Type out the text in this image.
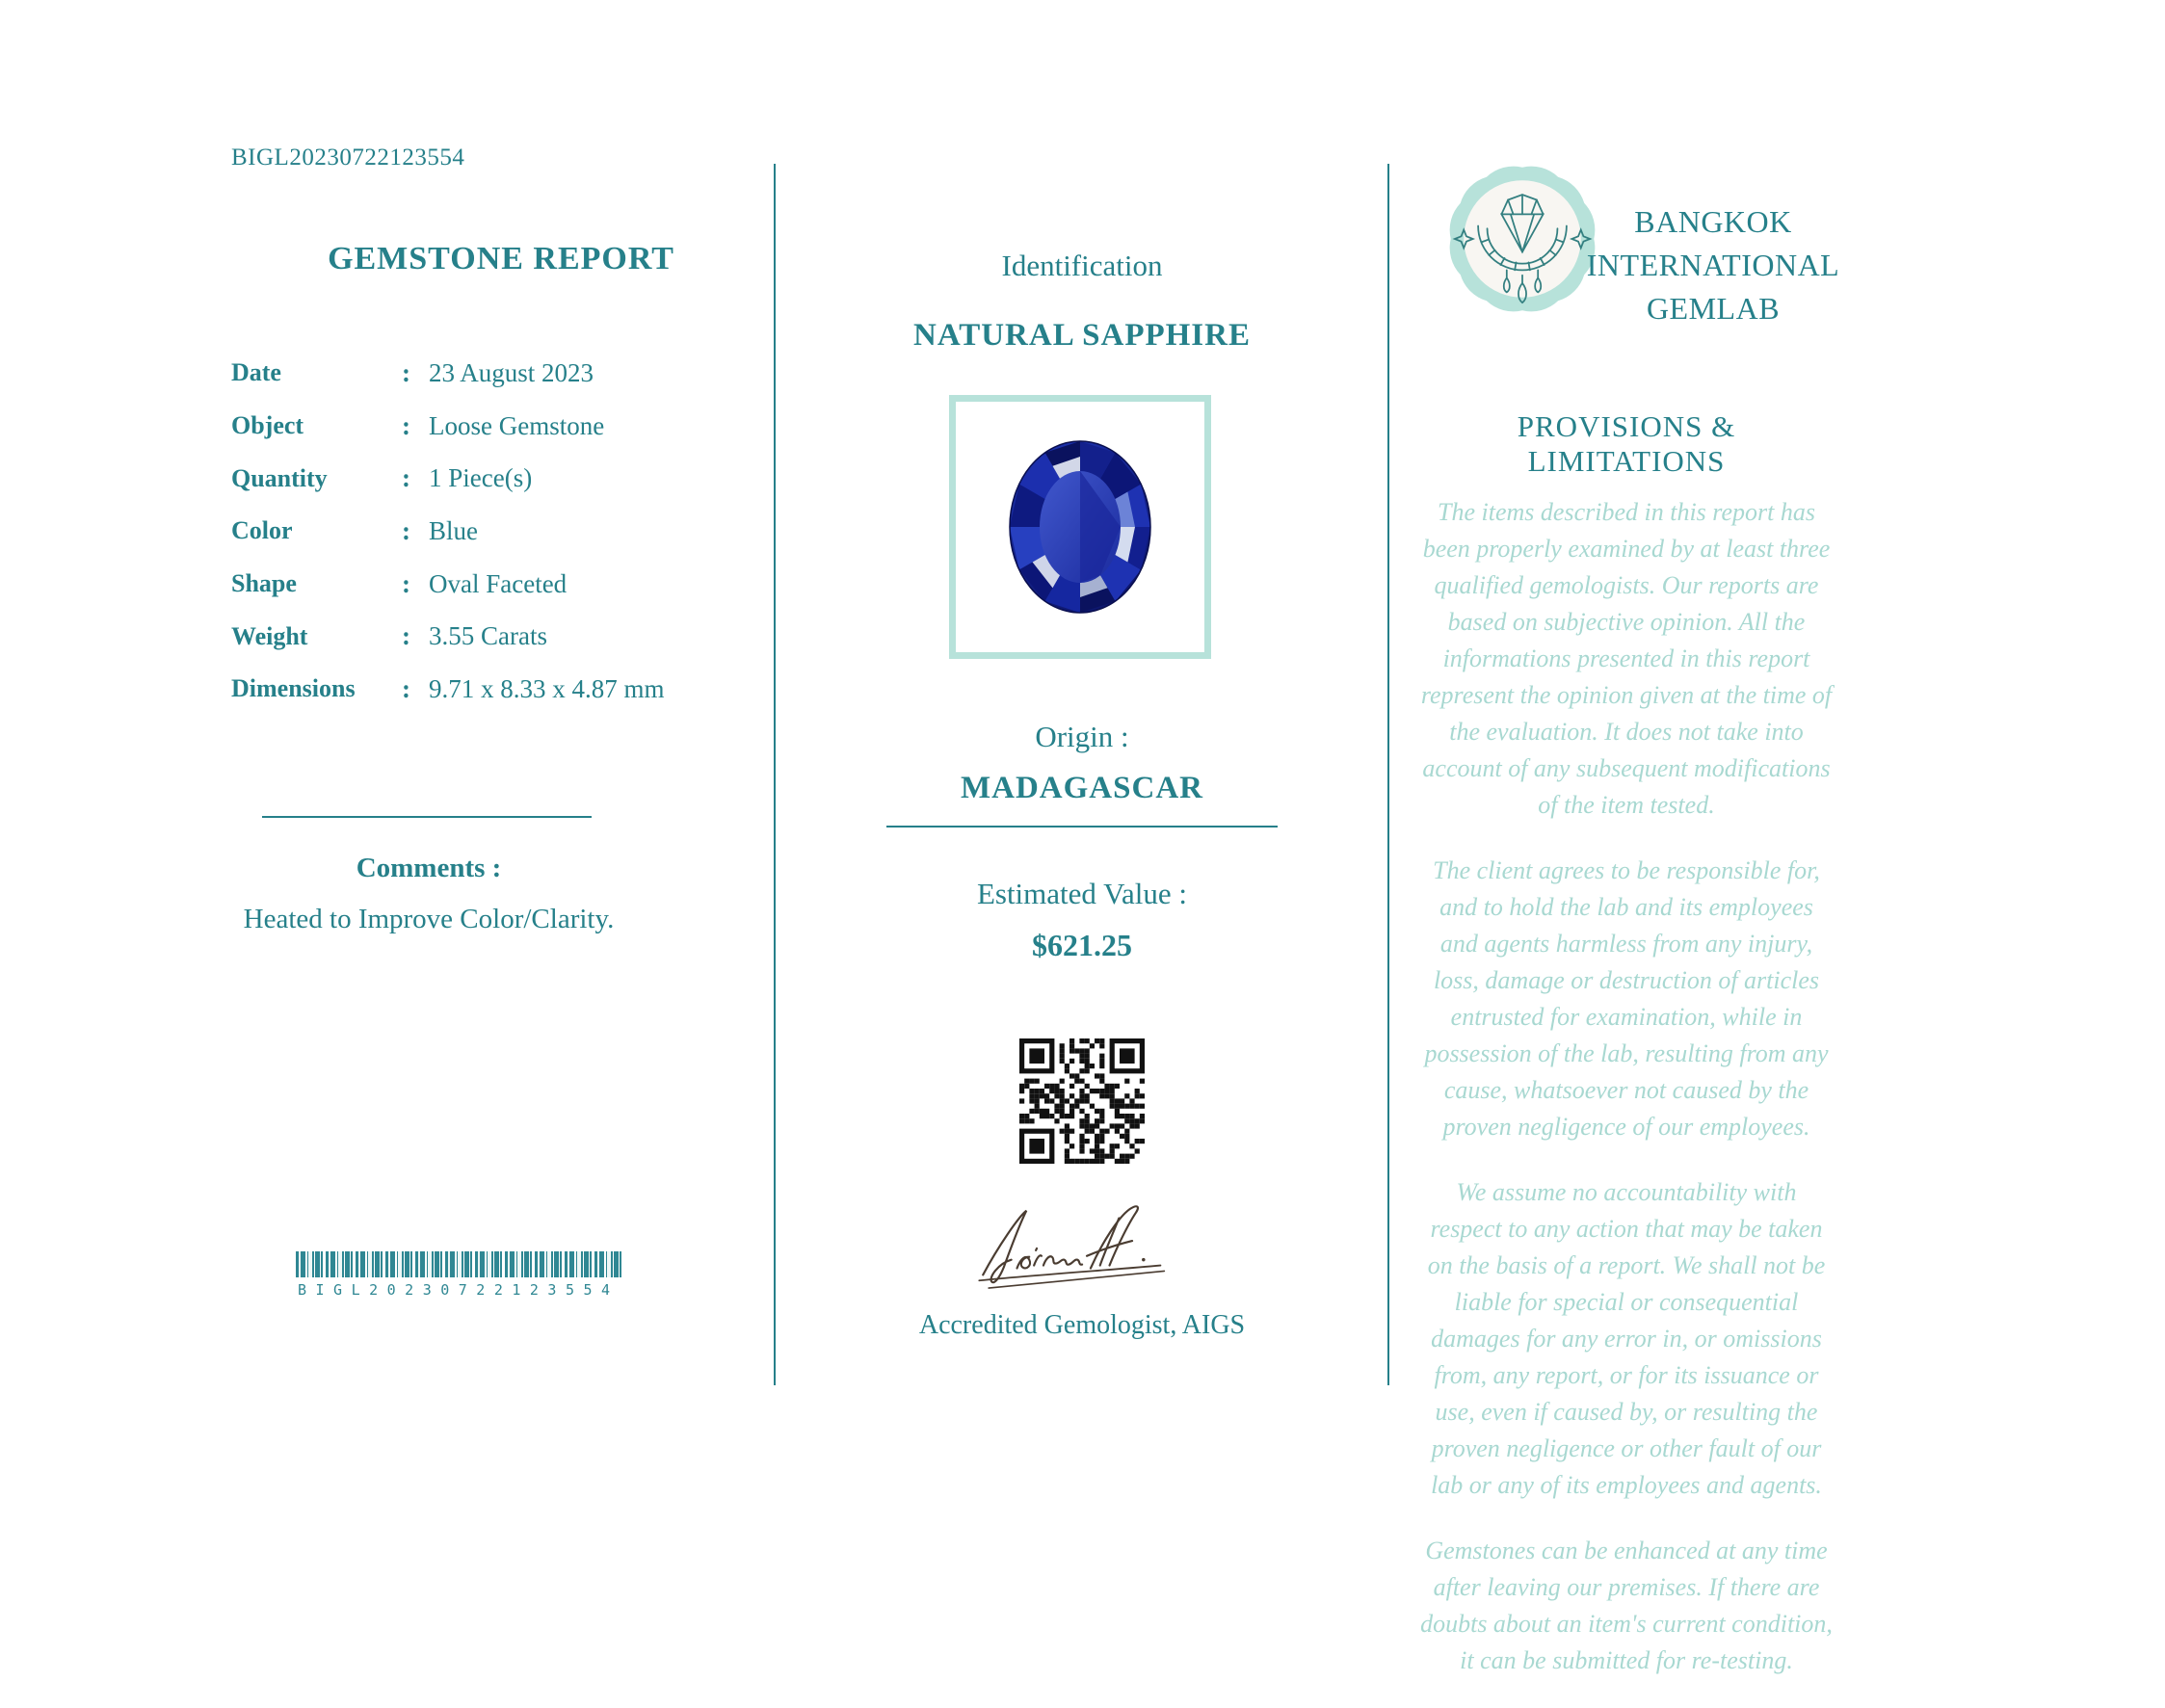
BIGL20230722123554
GEMSTONE REPORT
Date	: 23 August 2023
Object	: Loose Gemstone
Quantity	: 1 Piece(s)
Color	: Blue
Shape	: Oval Faceted
Weight	: 3.55 Carats
Dimensions	: 9.71 x 8.33 x 4.87 mm
Comments :
Heated to Improve Color/Clarity.
BIGL20230722123554
Identification
NATURAL SAPPHIRE
Origin :
MADAGASCAR
Estimated Value :
$621.25
Accredited Gemologist, AIGS
BANGKOK
INTERNATIONAL
GEMLAB
PROVISIONS & LIMITATIONS

The items described in this report has been properly examined by at least three qualified gemologists. Our reports are based on subjective opinion. All the informations presented in this report represent the opinion given at the time of the evaluation. It does not take into account of any subsequent modifications of the item tested.

The client agrees to be responsible for, and to hold the lab and its employees and agents harmless from any injury, loss, damage or destruction of articles entrusted for examination, while in possession of the lab, resulting from any cause, whatsoever not caused by the proven negligence of our employees.

We assume no accountability with respect to any action that may be taken on the basis of a report. We shall not be liable for special or consequential damages for any error in, or omissions from, any report, or for its issuance or use, even if caused by, or resulting the proven negligence or other fault of our lab or any of its employees and agents.

Gemstones can be enhanced at any time after leaving our premises. If there are doubts about an item's current condition, it can be submitted for re-testing.
